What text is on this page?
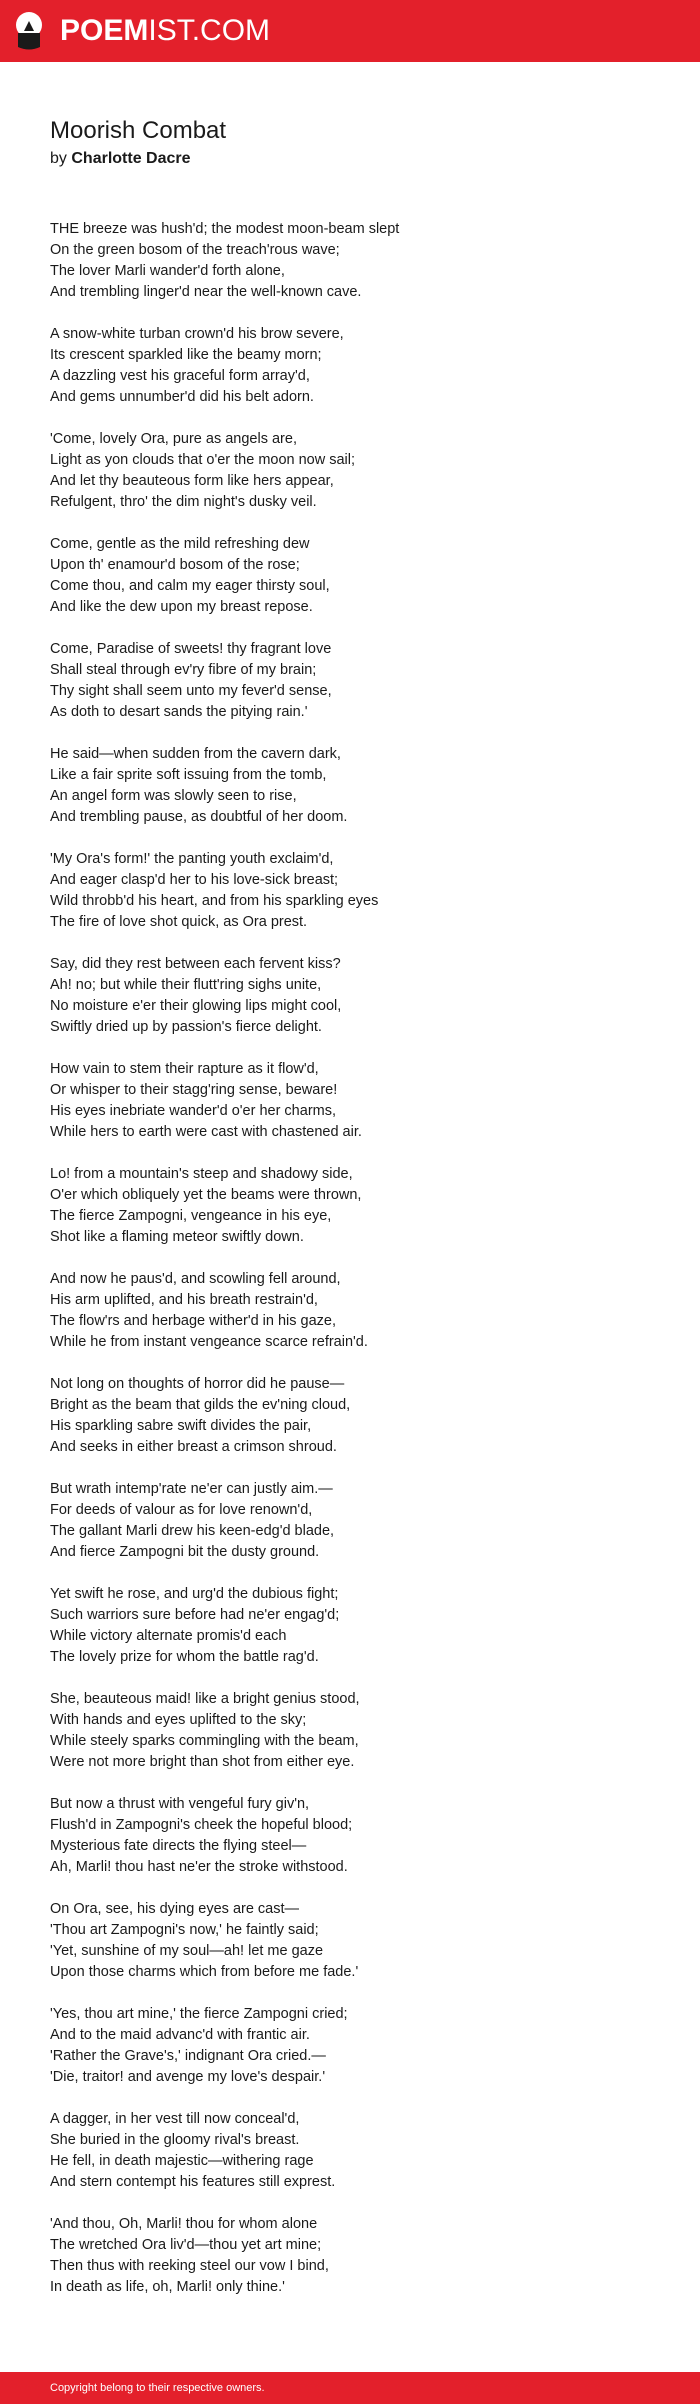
POEMIST.COM
Moorish Combat
by Charlotte Dacre
THE breeze was hush'd; the modest moon-beam slept
On the green bosom of the treach'rous wave;
The lover Marli wander'd forth alone,
And trembling linger'd near the well-known cave.
A snow-white turban crown'd his brow severe,
Its crescent sparkled like the beamy morn;
A dazzling vest his graceful form array'd,
And gems unnumber'd did his belt adorn.
'Come, lovely Ora, pure as angels are,
Light as yon clouds that o'er the moon now sail;
And let thy beauteous form like hers appear,
Refulgent, thro' the dim night's dusky veil.
Come, gentle as the mild refreshing dew
Upon th' enamour'd bosom of the rose;
Come thou, and calm my eager thirsty soul,
And like the dew upon my breast repose.
Come, Paradise of sweets! thy fragrant love
Shall steal through ev'ry fibre of my brain;
Thy sight shall seem unto my fever'd sense,
As doth to desart sands the pitying rain.'
He said—when sudden from the cavern dark,
Like a fair sprite soft issuing from the tomb,
An angel form was slowly seen to rise,
And trembling pause, as doubtful of her doom.
'My Ora's form!' the panting youth exclaim'd,
And eager clasp'd her to his love-sick breast;
Wild throbb'd his heart, and from his sparkling eyes
The fire of love shot quick, as Ora prest.
Say, did they rest between each fervent kiss?
Ah! no; but while their flutt'ring sighs unite,
No moisture e'er their glowing lips might cool,
Swiftly dried up by passion's fierce delight.
How vain to stem their rapture as it flow'd,
Or whisper to their stagg'ring sense, beware!
His eyes inebriate wander'd o'er her charms,
While hers to earth were cast with chastened air.
Lo! from a mountain's steep and shadowy side,
O'er which obliquely yet the beams were thrown,
The fierce Zampogni, vengeance in his eye,
Shot like a flaming meteor swiftly down.
And now he paus'd, and scowling fell around,
His arm uplifted, and his breath restrain'd,
The flow'rs and herbage wither'd in his gaze,
While he from instant vengeance scarce refrain'd.
Not long on thoughts of horror did he pause—
Bright as the beam that gilds the ev'ning cloud,
His sparkling sabre swift divides the pair,
And seeks in either breast a crimson shroud.
But wrath intemp'rate ne'er can justly aim.—
For deeds of valour as for love renown'd,
The gallant Marli drew his keen-edg'd blade,
And fierce Zampogni bit the dusty ground.
Yet swift he rose, and urg'd the dubious fight;
Such warriors sure before had ne'er engag'd;
While victory alternate promis'd each
The lovely prize for whom the battle rag'd.
She, beauteous maid! like a bright genius stood,
With hands and eyes uplifted to the sky;
While steely sparks commingling with the beam,
Were not more bright than shot from either eye.
But now a thrust with vengeful fury giv'n,
Flush'd in Zampogni's cheek the hopeful blood;
Mysterious fate directs the flying steel—
Ah, Marli! thou hast ne'er the stroke withstood.
On Ora, see, his dying eyes are cast—
'Thou art Zampogni's now,' he faintly said;
'Yet, sunshine of my soul—ah! let me gaze
Upon those charms which from before me fade.'
'Yes, thou art mine,' the fierce Zampogni cried;
And to the maid advanc'd with frantic air.
'Rather the Grave's,' indignant Ora cried.—
'Die, traitor! and avenge my love's despair.'
A dagger, in her vest till now conceal'd,
She buried in the gloomy rival's breast.
He fell, in death majestic—withering rage
And stern contempt his features still exprest.
'And thou, Oh, Marli! thou for whom alone
The wretched Ora liv'd—thou yet art mine;
Then thus with reeking steel our vow I bind,
In death as life, oh, Marli! only thine.'
Copyright belong to their respective owners.
